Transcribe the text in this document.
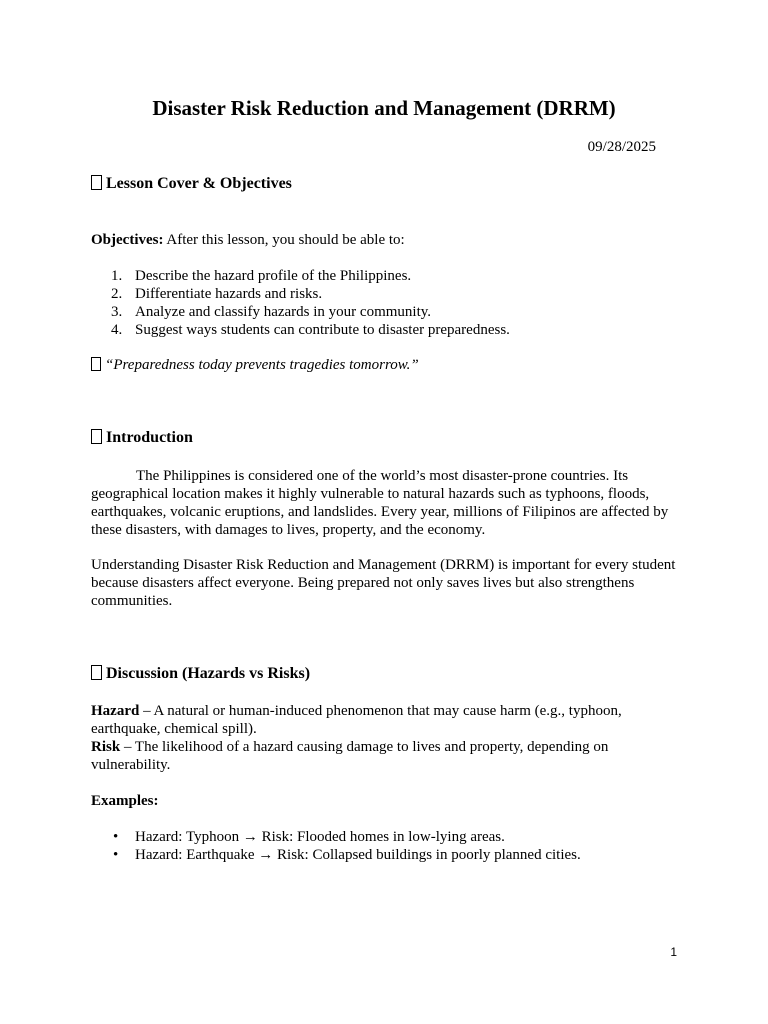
Disaster Risk Reduction and Management (DRRM)
09/28/2025
Lesson Cover & Objectives

Objectives: After this lesson, you should be able to:

1. Describe the hazard profile of the Philippines.
2. Differentiate hazards and risks.
3. Analyze and classify hazards in your community.
4. Suggest ways students can contribute to disaster preparedness.

“Preparedness today prevents tragedies tomorrow.”

Introduction

The Philippines is considered one of the world’s most disaster-prone countries. Its geographical location makes it highly vulnerable to natural hazards such as typhoons, floods, earthquakes, volcanic eruptions, and landslides. Every year, millions of Filipinos are affected by these disasters, with damages to lives, property, and the economy.

Understanding Disaster Risk Reduction and Management (DRRM) is important for every student because disasters affect everyone. Being prepared not only saves lives but also strengthens communities.

Discussion (Hazards vs Risks)

Hazard – A natural or human-induced phenomenon that may cause harm (e.g., typhoon, earthquake, chemical spill).

Risk – The likelihood of a hazard causing damage to lives and property, depending on vulnerability.

Examples:

• Hazard: Typhoon → Risk: Flooded homes in low-lying areas.
• Hazard: Earthquake → Risk: Collapsed buildings in poorly planned cities.
1
